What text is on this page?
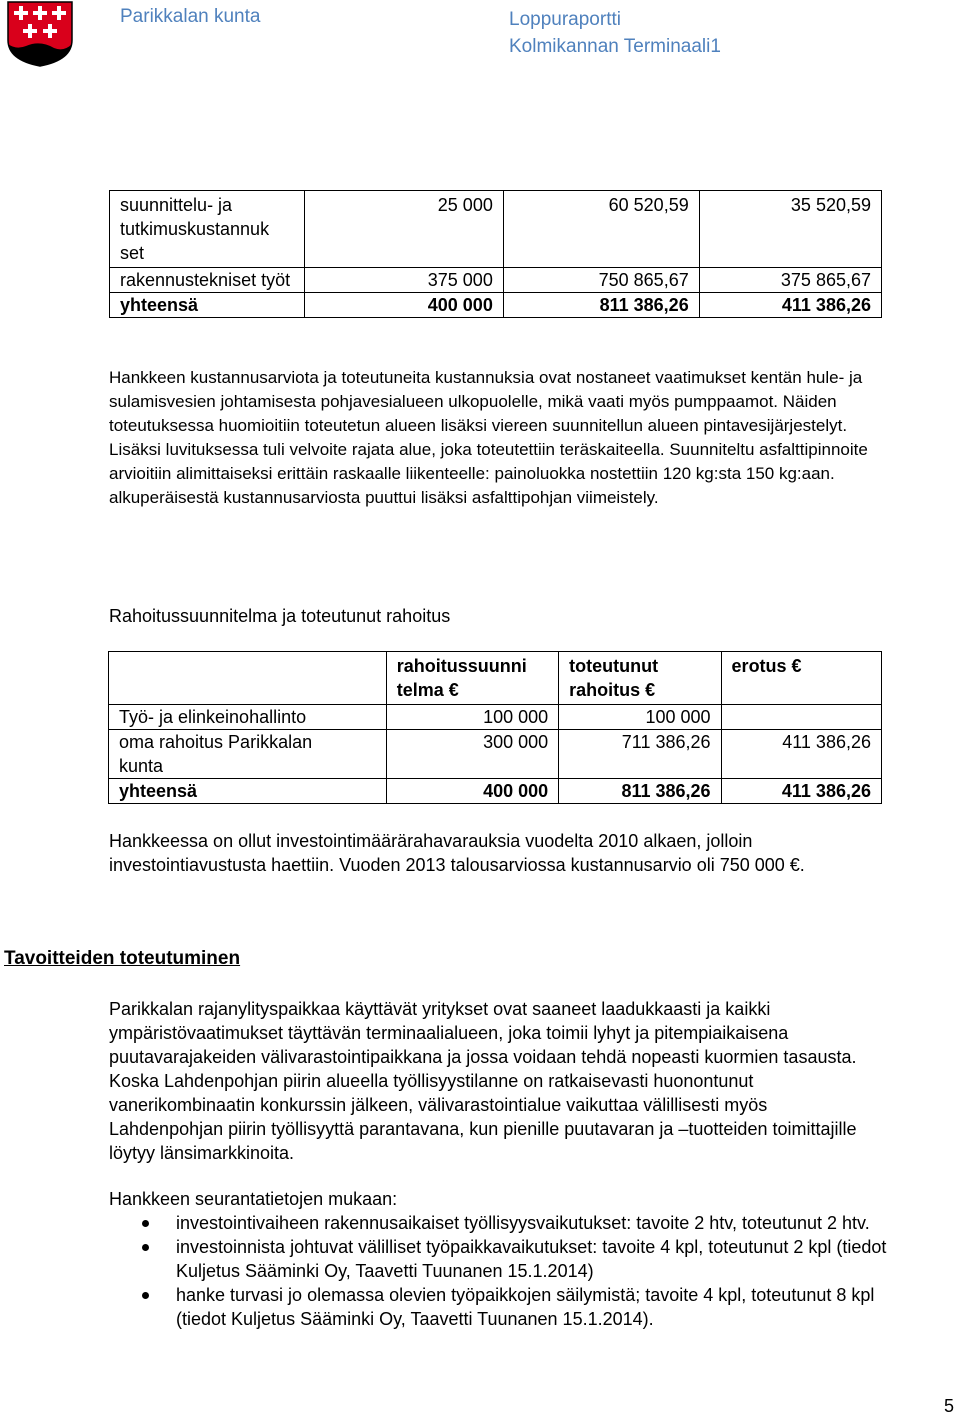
Parikkalan kunta	Loppuraportti
Kolmikannan Terminaali1
suunnittelu- ja tutkimuskustannuk set	25 000	60 520,59	35 520,59
rakennustekniset työt	375 000	750 865,67	375 865,67
yhteensä	400 000	811 386,26	411 386,26

Hankkeen kustannusarviota ja toteutuneita kustannuksia ovat nostaneet vaatimukset kentän hule- ja sulamisvesien johtamisesta pohjavesialueen ulkopuolelle, mikä vaati myös pumppaamot. Näiden toteutuksessa huomioitiin toteutetun alueen lisäksi viereen suunnitellun alueen pintavesijärjestelyt. Lisäksi luvituksessa tuli velvoite rajata alue, joka toteutettiin teräskaiteella. Suunniteltu asfalttipinnoite arvioitiin alimittaiseksi erittäin raskaalle liikenteelle: painoluokka nostettiin 120 kg:sta 150 kg:aan. alkuperäisestä kustannusarviosta puuttui lisäksi asfalttipohjan viimeistely.

Rahoitussuunnitelma ja toteutunut rahoitus

	rahoitussuunni telma €	toteutunut rahoitus €	erotus €
Työ- ja elinkeinohallinto	100 000	100 000	
oma rahoitus Parikkalan kunta	300 000	711 386,26	411 386,26
yhteensä	400 000	811 386,26	411 386,26

Hankkeessa on ollut investointimäärärahavarauksia vuodelta 2010 alkaen, jolloin investointiavustusta haettiin. Vuoden 2013 talousarviossa kustannusarvio oli 750 000 €.

Tavoitteiden toteutuminen

Parikkalan rajanylityspaikkaa käyttävät yritykset ovat saaneet laadukkaasti ja kaikki ympäristövaatimukset täyttävän terminaalialueen, joka toimii lyhyt ja pitempiaikaisena puutavarajakeiden välivarastointipaikkana ja jossa voidaan tehdä nopeasti kuormien tasausta. Koska Lahdenpohjan piirin alueella työllisyystilanne on ratkaisevasti huonontunut vanerikombinaatin konkurssin jälkeen, välivarastointialue vaikuttaa välillisesti myös Lahdenpohjan piirin työllisyyttä parantavana, kun pienille puutavaran ja –tuotteiden toimittajille löytyy länsimarkkinoita.

Hankkeen seurantatietojen mukaan:

investointivaiheen rakennusaikaiset työllisyysvaikutukset: tavoite 2 htv, toteutunut 2 htv.
investoinnista johtuvat välilliset työpaikkavaikutukset: tavoite 4 kpl, toteutunut 2 kpl (tiedot Kuljetus Sääminki Oy, Taavetti Tuunanen 15.1.2014)
hanke turvasi jo olemassa olevien työpaikkojen säilymistä; tavoite 4 kpl, toteutunut 8 kpl (tiedot Kuljetus Sääminki Oy, Taavetti Tuunanen 15.1.2014).
5
